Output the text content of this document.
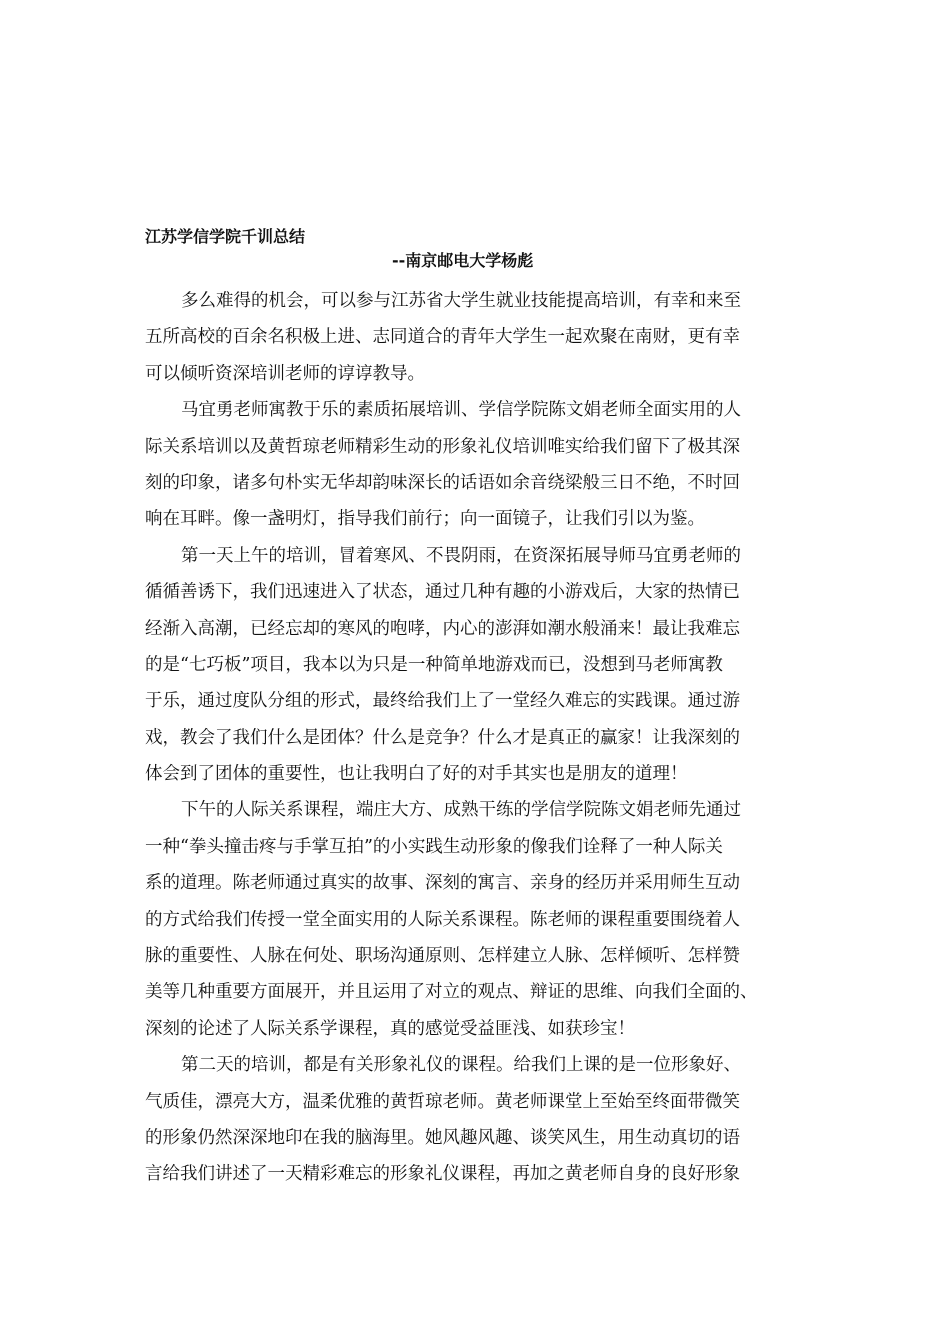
江苏学信学院千训总结
--南京邮电大学杨彪
多么难得的机会，可以参与江苏省大学生就业技能提高培训，有幸和来至
五所高校的百余名积极上进、志同道合的青年大学生一起欢聚在南财，更有幸
可以倾听资深培训老师的谆谆教导。
马宜勇老师寓教于乐的素质拓展培训、学信学院陈文娟老师全面实用的人
际关系培训以及黄哲琼老师精彩生动的形象礼仪培训唯实给我们留下了极其深
刻的印象，诸多句朴实无华却韵味深长的话语如余音绕梁般三日不绝，不时回
响在耳畔。像一盏明灯，指导我们前行；向一面镜子，让我们引以为鉴。
第一天上午的培训，冒着寒风、不畏阴雨，在资深拓展导师马宜勇老师的
循循善诱下，我们迅速进入了状态，通过几种有趣的小游戏后，大家的热情已
经渐入高潮，已经忘却的寒风的咆哮，内心的澎湃如潮水般涌来！最让我难忘
的是“七巧板”项目，我本以为只是一种简单地游戏而已，没想到马老师寓教
于乐，通过度队分组的形式，最终给我们上了一堂经久难忘的实践课。通过游
戏，教会了我们什么是团体？什么是竞争？什么才是真正的赢家！让我深刻的
体会到了团体的重要性，也让我明白了好的对手其实也是朋友的道理！
下午的人际关系课程，端庄大方、成熟干练的学信学院陈文娟老师先通过
一种“拳头撞击疼与手掌互拍”的小实践生动形象的像我们诠释了一种人际关
系的道理。陈老师通过真实的故事、深刻的寓言、亲身的经历并采用师生互动
的方式给我们传授一堂全面实用的人际关系课程。陈老师的课程重要围绕着人
脉的重要性、人脉在何处、职场沟通原则、怎样建立人脉、怎样倾听、怎样赞
美等几种重要方面展开，并且运用了对立的观点、辩证的思维、向我们全面的、
深刻的论述了人际关系学课程，真的感觉受益匪浅、如获珍宝！
第二天的培训，都是有关形象礼仪的课程。给我们上课的是一位形象好、
气质佳，漂亮大方，温柔优雅的黄哲琼老师。黄老师课堂上至始至终面带微笑
的形象仍然深深地印在我的脑海里。她风趣风趣、谈笑风生，用生动真切的语
言给我们讲述了一天精彩难忘的形象礼仪课程，再加之黄老师自身的良好形象
